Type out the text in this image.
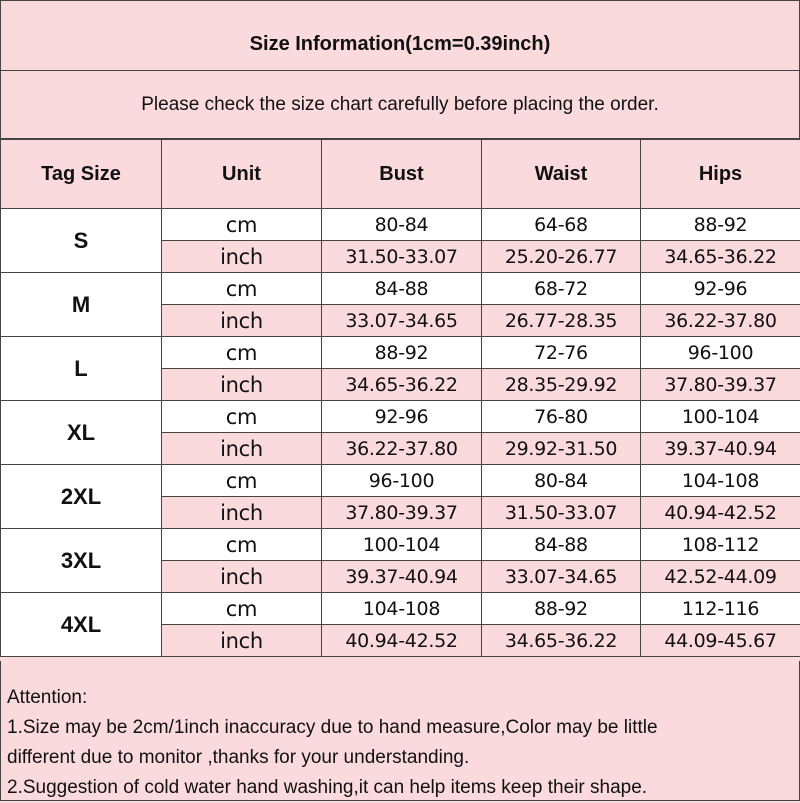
Size Information(1cm=0.39inch)
Please check the size chart carefully before placing the order.
Tag Size	Unit	Bust	Waist	Hips
S	cm	80-84	64-68	88-92
	inch	31.50-33.07	25.20-26.77	34.65-36.22
M	cm	84-88	68-72	92-96
	inch	33.07-34.65	26.77-28.35	36.22-37.80
L	cm	88-92	72-76	96-100
	inch	34.65-36.22	28.35-29.92	37.80-39.37
XL	cm	92-96	76-80	100-104
	inch	36.22-37.80	29.92-31.50	39.37-40.94
2XL	cm	96-100	80-84	104-108
	inch	37.80-39.37	31.50-33.07	40.94-42.52
3XL	cm	100-104	84-88	108-112
	inch	39.37-40.94	33.07-34.65	42.52-44.09
4XL	cm	104-108	88-92	112-116
	inch	40.94-42.52	34.65-36.22	44.09-45.67
Attention:
1.Size may be 2cm/1inch inaccuracy due to hand measure,Color may be little
different due to monitor ,thanks for your understanding.
2.Suggestion of cold water hand washing,it can help items keep their shape.
